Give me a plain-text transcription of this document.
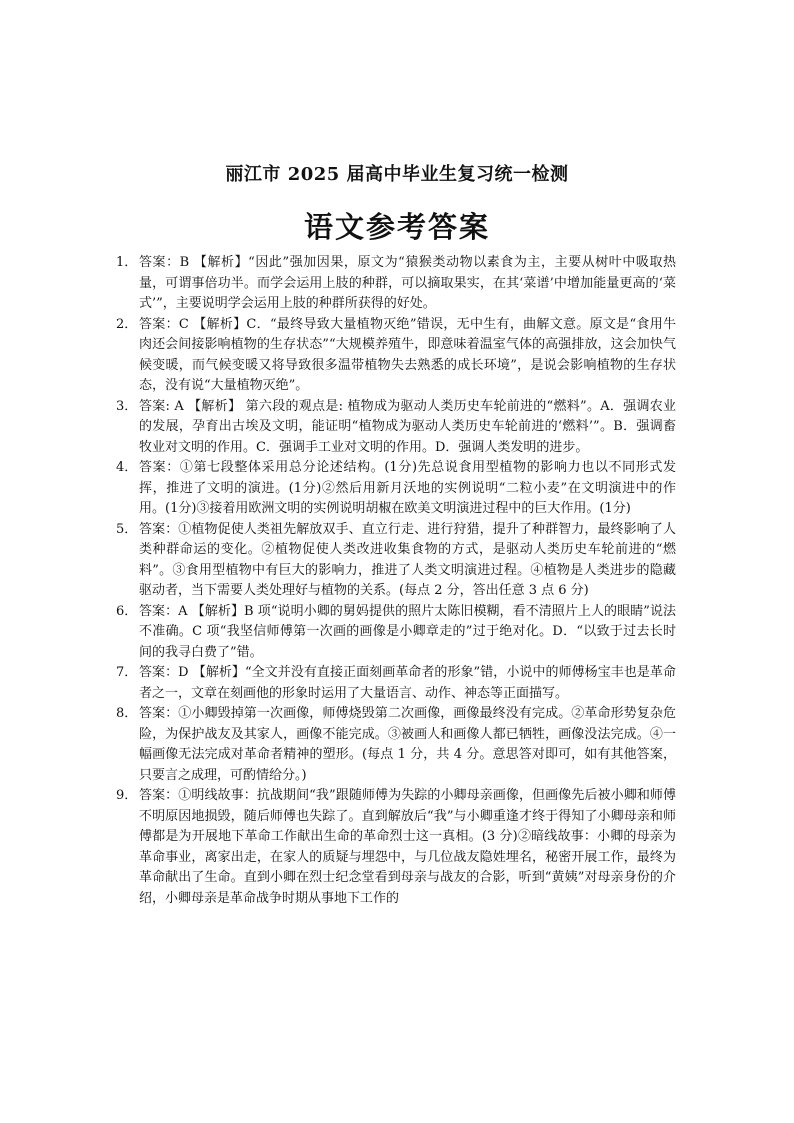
丽江市 2025 届高中毕业生复习统一检测
语文参考答案
1． 答案：B 【解析】“因此”强加因果，原文为“猿猴类动物以素食为主，主要从树叶中吸取热量，可谓事倍功半。而学会运用上肢的种群，可以摘取果实，在其‘菜谱’中增加能量更高的‘菜式’”，主要说明学会运用上肢的种群所获得的好处。
2． 答案：C 【解析】C．“最终导致大量植物灭绝”错误，无中生有，曲解文意。原文是“食用牛肉还会间接影响植物的生存状态”“大规模养殖牛，即意味着温室气体的高强排放，这会加快气候变暖，而气候变暖又将导致很多温带植物失去熟悉的成长环境”，是说会影响植物的生存状态，没有说“大量植物灭绝”。
3． 答案: A 【解析】 第六段的观点是: 植物成为驱动人类历史车轮前进的“燃料”。A．强调农业的发展，孕育出古埃及文明，能证明“植物成为驱动人类历史车轮前进的‘燃料’”。B．强调畜牧业对文明的作用。C．强调手工业对文明的作用。D．强调人类发明的进步。
4． 答案：①第七段整体采用总分论述结构。(1分)先总说食用型植物的影响力也以不同形式发挥，推进了文明的演进。(1分)②然后用新月沃地的实例说明“二粒小麦”在文明演进中的作用。(1分)③接着用欧洲文明的实例说明胡椒在欧美文明演进过程中的巨大作用。(1分)
5． 答案：①植物促使人类祖先解放双手、直立行走、进行狩猎，提升了种群智力，最终影响了人类种群命运的变化。②植物促使人类改进收集食物的方式，是驱动人类历史车轮前进的“燃料”。③食用型植物中有巨大的影响力，推进了人类文明演进过程。④植物是人类进步的隐藏驱动者，当下需要人类处理好与植物的关系。(每点 2 分，答出任意 3 点 6 分)
6． 答案：A 【解析】B 项“说明小卿的舅妈提供的照片太陈旧模糊，看不清照片上人的眼睛”说法不准确。C 项“我坚信师傅第一次画的画像是小卿章走的”过于绝对化。D．“以致于过去长时间的我寻白费了”错。
7． 答案：D 【解析】“全文并没有直接正面刻画革命者的形象”错，小说中的师傅杨宝丰也是革命者之一，文章在刻画他的形象时运用了大量语言、动作、神态等正面描写。
8． 答案：①小卿毁掉第一次画像，师傅烧毁第二次画像，画像最终没有完成。②革命形势复杂危险，为保护战友及其家人，画像不能完成。③被画人和画像人都已牺牲，画像没法完成。④一幅画像无法完成对革命者精神的塑形。(每点 1 分，共 4 分。意思答对即可，如有其他答案，只要言之成理，可酌情给分。)
9． 答案：①明线故事：抗战期间“我”跟随师傅为失踪的小卿母亲画像，但画像先后被小卿和师傅不明原因地损毁，随后师傅也失踪了。直到解放后“我”与小卿重逢才终于得知了小卿母亲和师傅都是为开展地下革命工作献出生命的革命烈士这一真相。(3 分)②暗线故事：小卿的母亲为革命事业，离家出走，在家人的质疑与埋怨中，与几位战友隐姓埋名，秘密开展工作，最终为革命献出了生命。直到小卿在烈士纪念堂看到母亲与战友的合影，听到“黄姨”对母亲身份的介绍，小卿母亲是革命战争时期从事地下工作的
